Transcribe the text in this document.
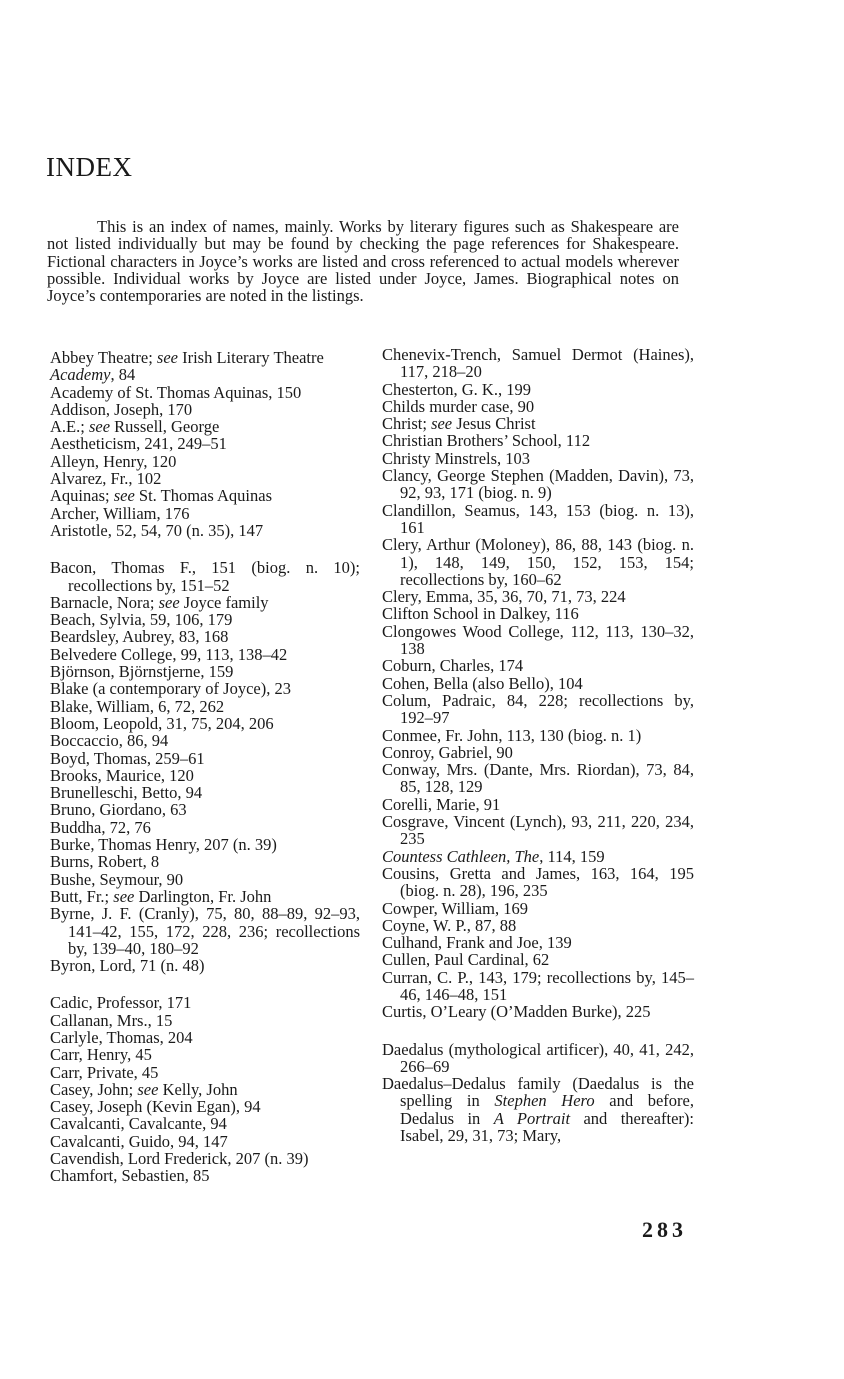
INDEX

This is an index of names, mainly. Works by literary figures such as Shakespeare are not listed individually but may be found by checking the page references for Shakespeare. Fictional characters in Joyce’s works are listed and cross referenced to actual models wherever possible. Individual works by Joyce are listed under Joyce, James. Biographical notes on Joyce’s contemporaries are noted in the listings.

Abbey Theatre; see Irish Literary Theatre
Academy, 84
Academy of St. Thomas Aquinas, 150
Addison, Joseph, 170
A.E.; see Russell, George
Aestheticism, 241, 249–51
Alleyn, Henry, 120
Alvarez, Fr., 102
Aquinas; see St. Thomas Aquinas
Archer, William, 176
Aristotle, 52, 54, 70 (n. 35), 147
Bacon, Thomas F., 151 (biog. n. 10); recollections by, 151–52
Barnacle, Nora; see Joyce family
Beach, Sylvia, 59, 106, 179
Beardsley, Aubrey, 83, 168
Belvedere College, 99, 113, 138–42
Björnson, Björnstjerne, 159
Blake (a contemporary of Joyce), 23
Blake, William, 6, 72, 262
Bloom, Leopold, 31, 75, 204, 206
Boccaccio, 86, 94
Boyd, Thomas, 259–61
Brooks, Maurice, 120
Brunelleschi, Betto, 94
Bruno, Giordano, 63
Buddha, 72, 76
Burke, Thomas Henry, 207 (n. 39)
Burns, Robert, 8
Bushe, Seymour, 90
Butt, Fr.; see Darlington, Fr. John
Byrne, J. F. (Cranly), 75, 80, 88–89, 92–93, 141–42, 155, 172, 228, 236; recollections by, 139–40, 180–92
Byron, Lord, 71 (n. 48)
Cadic, Professor, 171
Callanan, Mrs., 15
Carlyle, Thomas, 204
Carr, Henry, 45
Carr, Private, 45
Casey, John; see Kelly, John
Casey, Joseph (Kevin Egan), 94
Cavalcanti, Cavalcante, 94
Cavalcanti, Guido, 94, 147
Cavendish, Lord Frederick, 207 (n. 39)
Chamfort, Sebastien, 85
Chenevix-Trench, Samuel Dermot (Haines), 117, 218–20
Chesterton, G. K., 199
Childs murder case, 90
Christ; see Jesus Christ
Christian Brothers’ School, 112
Christy Minstrels, 103
Clancy, George Stephen (Madden, Davin), 73, 92, 93, 171 (biog. n. 9)
Clandillon, Seamus, 143, 153 (biog. n. 13), 161
Clery, Arthur (Moloney), 86, 88, 143 (biog. n. 1), 148, 149, 150, 152, 153, 154; recollections by, 160–62
Clery, Emma, 35, 36, 70, 71, 73, 224
Clifton School in Dalkey, 116
Clongowes Wood College, 112, 113, 130–32, 138
Coburn, Charles, 174
Cohen, Bella (also Bello), 104
Colum, Padraic, 84, 228; recollections by, 192–97
Conmee, Fr. John, 113, 130 (biog. n. 1)
Conroy, Gabriel, 90
Conway, Mrs. (Dante, Mrs. Riordan), 73, 84, 85, 128, 129
Corelli, Marie, 91
Cosgrave, Vincent (Lynch), 93, 211, 220, 234, 235
Countess Cathleen, The, 114, 159
Cousins, Gretta and James, 163, 164, 195 (biog. n. 28), 196, 235
Cowper, William, 169
Coyne, W. P., 87, 88
Culhand, Frank and Joe, 139
Cullen, Paul Cardinal, 62
Curran, C. P., 143, 179; recollections by, 145–46, 146–48, 151
Curtis, O’Leary (O’Madden Burke), 225
Daedalus (mythological artificer), 40, 41, 242, 266–69
Daedalus–Dedalus family (Daedalus is the spelling in Stephen Hero and before, Dedalus in A Portrait and thereafter): Isabel, 29, 31, 73; Mary,
283
